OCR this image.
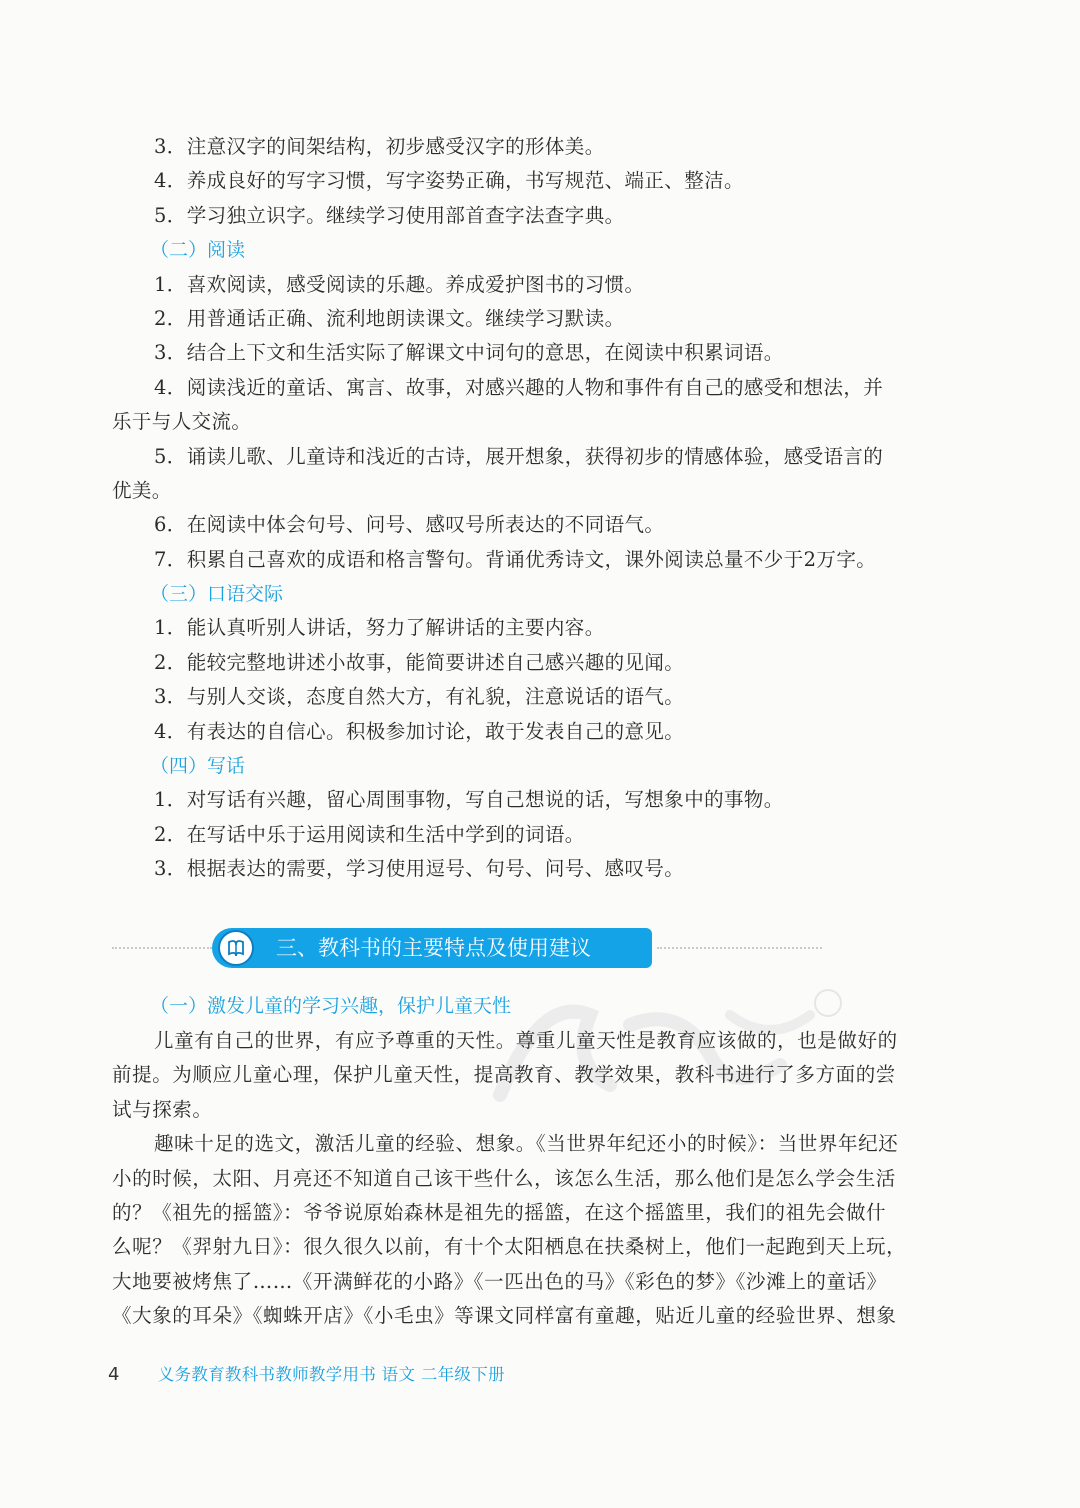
3．注意汉字的间架结构，初步感受汉字的形体美。
4．养成良好的写字习惯，写字姿势正确，书写规范、端正、整洁。
5．学习独立识字。继续学习使用部首查字法查字典。
（二）阅读
1．喜欢阅读，感受阅读的乐趣。养成爱护图书的习惯。
2．用普通话正确、流利地朗读课文。继续学习默读。
3．结合上下文和生活实际了解课文中词句的意思，在阅读中积累词语。
4．阅读浅近的童话、寓言、故事，对感兴趣的人物和事件有自己的感受和想法，并
乐于与人交流。
5．诵读儿歌、儿童诗和浅近的古诗，展开想象，获得初步的情感体验，感受语言的
优美。
6．在阅读中体会句号、问号、感叹号所表达的不同语气。
7．积累自己喜欢的成语和格言警句。背诵优秀诗文，课外阅读总量不少于2万字。
（三）口语交际
1．能认真听别人讲话，努力了解讲话的主要内容。
2．能较完整地讲述小故事，能简要讲述自己感兴趣的见闻。
3．与别人交谈，态度自然大方，有礼貌，注意说话的语气。
4．有表达的自信心。积极参加讨论，敢于发表自己的意见。
（四）写话
1．对写话有兴趣，留心周围事物，写自己想说的话，写想象中的事物。
2．在写话中乐于运用阅读和生活中学到的词语。
3．根据表达的需要，学习使用逗号、句号、问号、感叹号。
三、教科书的主要特点及使用建议
（一）激发儿童的学习兴趣，保护儿童天性
儿童有自己的世界，有应予尊重的天性。尊重儿童天性是教育应该做的，也是做好的
前提。为顺应儿童心理，保护儿童天性，提高教育、教学效果，教科书进行了多方面的尝
试与探索。
趣味十足的选文，激活儿童的经验、想象。《当世界年纪还小的时候》：当世界年纪还
小的时候，太阳、月亮还不知道自己该干些什么，该怎么生活，那么他们是怎么学会生活
的？《祖先的摇篮》：爷爷说原始森林是祖先的摇篮，在这个摇篮里，我们的祖先会做什
么呢？《羿射九日》：很久很久以前，有十个太阳栖息在扶桑树上，他们一起跑到天上玩，
大地要被烤焦了……《开满鲜花的小路》《一匹出色的马》《彩色的梦》《沙滩上的童话》
《大象的耳朵》《蜘蛛开店》《小毛虫》等课文同样富有童趣，贴近儿童的经验世界、想象
4 义务教育教科书教师教学用书 语文 二年级下册
